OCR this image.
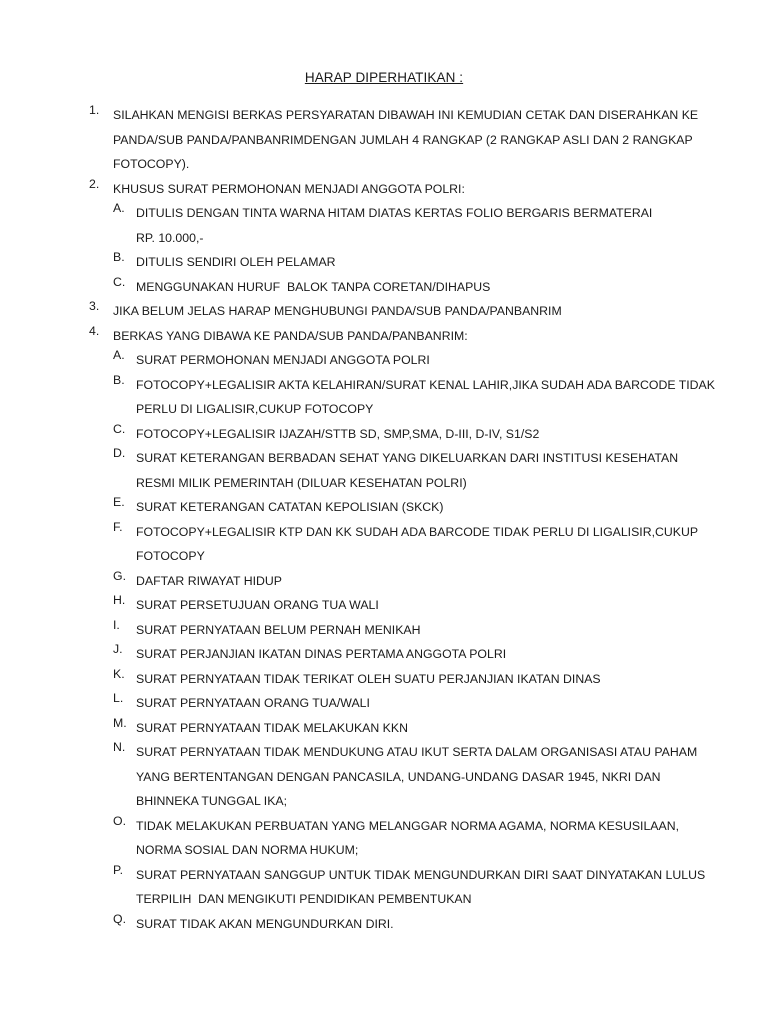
HARAP DIPERHATIKAN :
1.	SILAHKAN MENGISI BERKAS PERSYARATAN DIBAWAH INI KEMUDIAN CETAK DAN DISERAHKAN KE
PANDA/SUB PANDA/PANBANRIMDENGAN JUMLAH 4 RANGKAP (2 RANGKAP ASLI DAN 2 RANGKAP
FOTOCOPY).
2.	KHUSUS SURAT PERMOHONAN MENJADI ANGGOTA POLRI:
A. DITULIS DENGAN TINTA WARNA HITAM DIATAS KERTAS FOLIO BERGARIS BERMATERAI
RP. 10.000,-
B. DITULIS SENDIRI OLEH PELAMAR
C. MENGGUNAKAN HURUF  BALOK TANPA CORETAN/DIHAPUS
3.	JIKA BELUM JELAS HARAP MENGHUBUNGI PANDA/SUB PANDA/PANBANRIM
4.	BERKAS YANG DIBAWA KE PANDA/SUB PANDA/PANBANRIM:
A. SURAT PERMOHONAN MENJADI ANGGOTA POLRI
B. FOTOCOPY+LEGALISIR AKTA KELAHIRAN/SURAT KENAL LAHIR,JIKA SUDAH ADA BARCODE TIDAK
PERLU DI LIGALISIR,CUKUP FOTOCOPY
C. FOTOCOPY+LEGALISIR IJAZAH/STTB SD, SMP,SMA, D-III, D-IV, S1/S2
D. SURAT KETERANGAN BERBADAN SEHAT YANG DIKELUARKAN DARI INSTITUSI KESEHATAN
RESMI MILIK PEMERINTAH (DILUAR KESEHATAN POLRI)
E. SURAT KETERANGAN CATATAN KEPOLISIAN (SKCK)
F.	FOTOCOPY+LEGALISIR KTP DAN KK SUDAH ADA BARCODE TIDAK PERLU DI LIGALISIR,CUKUP
FOTOCOPY
G. DAFTAR RIWAYAT HIDUP
H. SURAT PERSETUJUAN ORANG TUA WALI
I.	SURAT PERNYATAAN BELUM PERNAH MENIKAH
J.	SURAT PERJANJIAN IKATAN DINAS PERTAMA ANGGOTA POLRI
K. SURAT PERNYATAAN TIDAK TERIKAT OLEH SUATU PERJANJIAN IKATAN DINAS
L.	SURAT PERNYATAAN ORANG TUA/WALI
M. SURAT PERNYATAAN TIDAK MELAKUKAN KKN
N. SURAT PERNYATAAN TIDAK MENDUKUNG ATAU IKUT SERTA DALAM ORGANISASI ATAU PAHAM
YANG BERTENTANGAN DENGAN PANCASILA, UNDANG-UNDANG DASAR 1945, NKRI DAN
BHINNEKA TUNGGAL IKA;
O. TIDAK MELAKUKAN PERBUATAN YANG MELANGGAR NORMA AGAMA, NORMA KESUSILAAN,
NORMA SOSIAL DAN NORMA HUKUM;
P.	SURAT PERNYATAAN SANGGUP UNTUK TIDAK MENGUNDURKAN DIRI SAAT DINYATAKAN LULUS
TERPILIH  DAN MENGIKUTI PENDIDIKAN PEMBENTUKAN
Q. SURAT TIDAK AKAN MENGUNDURKAN DIRI.
